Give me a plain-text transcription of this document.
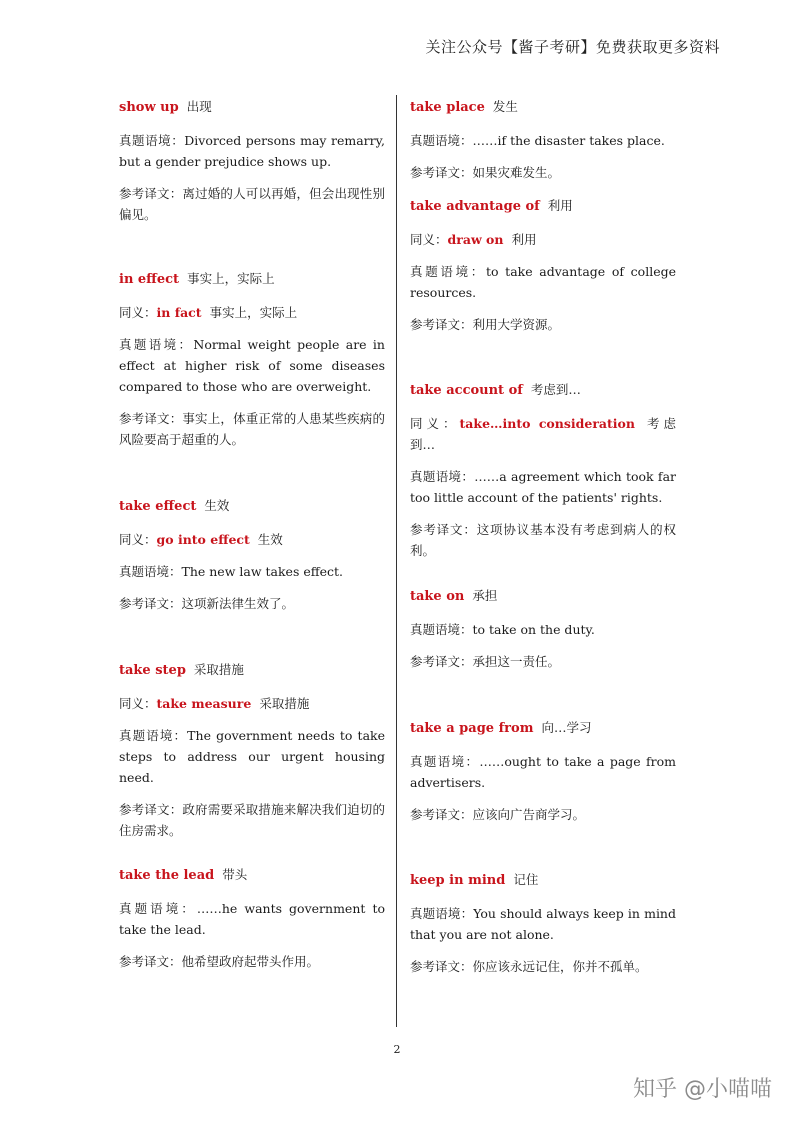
关注公众号【酱子考研】免费获取更多资料
show up 出现
真题语境：Divorced persons may remarry, but a gender prejudice shows up.
参考译文：离过婚的人可以再婚，但会出现性别偏见。
in effect 事实上，实际上
同义：in fact 事实上，实际上
真题语境：Normal weight people are in effect at higher risk of some diseases compared to those who are overweight.
参考译文：事实上，体重正常的人患某些疾病的风险要高于超重的人。
take effect 生效
同义：go into effect 生效
真题语境：The new law takes effect.
参考译文：这项新法律生效了。
take step 采取措施
同义：take measure 采取措施
真题语境：The government needs to take steps to address our urgent housing need.
参考译文：政府需要采取措施来解决我们迫切的住房需求。
take the lead 带头
真题语境：……he wants government to take the lead.
参考译文：他希望政府起带头作用。
take place 发生
真题语境：……if the disaster takes place.
参考译文：如果灾难发生。
take advantage of 利用
同义：draw on 利用
真题语境：to take advantage of college resources.
参考译文：利用大学资源。
take account of 考虑到…
同义：take…into consideration 考虑到…
真题语境：……a agreement which took far too little account of the patients' rights.
参考译文：这项协议基本没有考虑到病人的权利。
take on 承担
真题语境：to take on the duty.
参考译文：承担这一责任。
take a page from 向…学习
真题语境：……ought to take a page from advertisers.
参考译文：应该向广告商学习。
keep in mind 记住
真题语境：You should always keep in mind that you are not alone.
参考译文：你应该永远记住，你并不孤单。
2
知乎 @小喵喵
